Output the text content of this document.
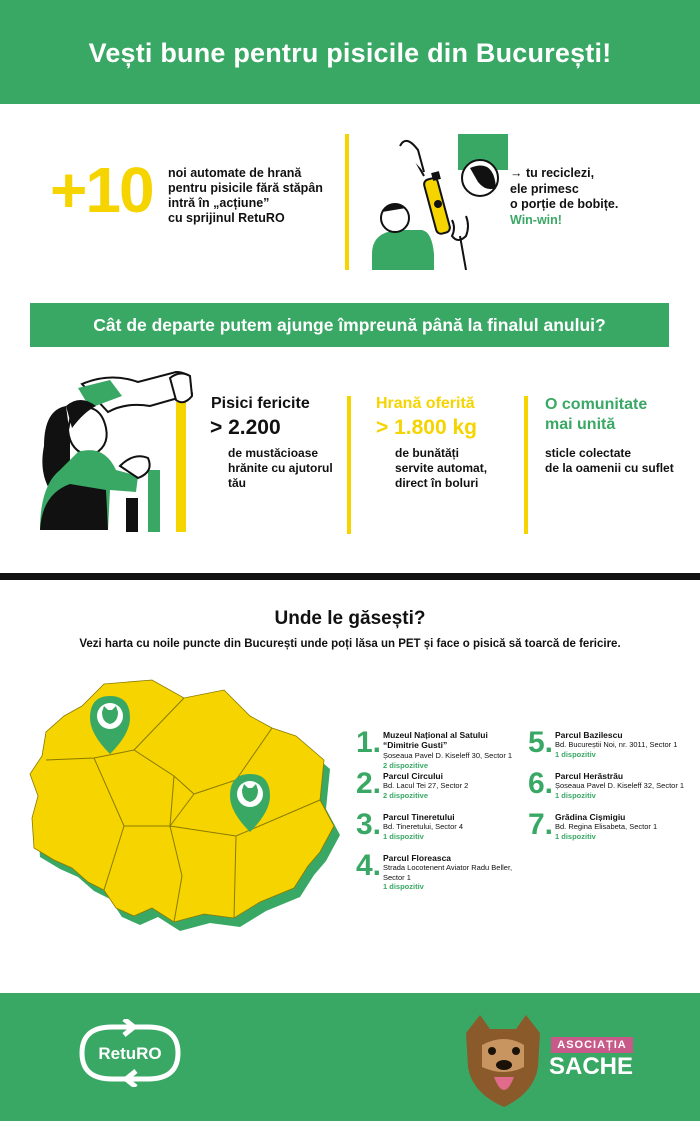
Vești bune pentru pisicile din București!
+10 noi automate de hrană
pentru pisicile fără stăpân
intră în „acțiune”
cu sprijinul RetuRO
→ tu reciclezi,
ele primesc
o porție de bobițe.
Win-win!
Cât de departe putem ajunge împreună până la finalul anului?
Pisici fericite
> 2.200
de mustăcioase
hrănite cu ajutorul
tău
Hrană oferită
> 1.800 kg
de bunătăți
servite automat,
direct în boluri
O comunitate
mai unită
sticle colectate
de la oamenii cu suflet
Unde le găsești?
Vezi harta cu noile puncte din București unde poți lăsa un PET și face o pisică să toarcă de fericire.
1. Muzeul Național al Satului
“Dimitrie Gusti”
Șoseaua Pavel D. Kiseleff 30, Sector 1
2 dispozitive
2. Parcul Circului
Bd. Lacul Tei 27, Sector 2
2 dispozitive
3. Parcul Tineretului
Bd. Tineretului, Sector 4
1 dispozitiv
4. Parcul Floreasca
Strada Locotenent Aviator Radu Beller,
Sector 1
1 dispozitiv
5. Parcul Bazilescu
Bd. Bucureștii Noi, nr. 3011, Sector 1
1 dispozitiv
6. Parcul Herăstrău
Șoseaua Pavel D. Kiseleff 32, Sector 1
1 dispozitiv
7. Grădina Cișmigiu
Bd. Regina Elisabeta, Sector 1
1 dispozitiv
RetuRO	ASOCIAȚIA
SACHE
